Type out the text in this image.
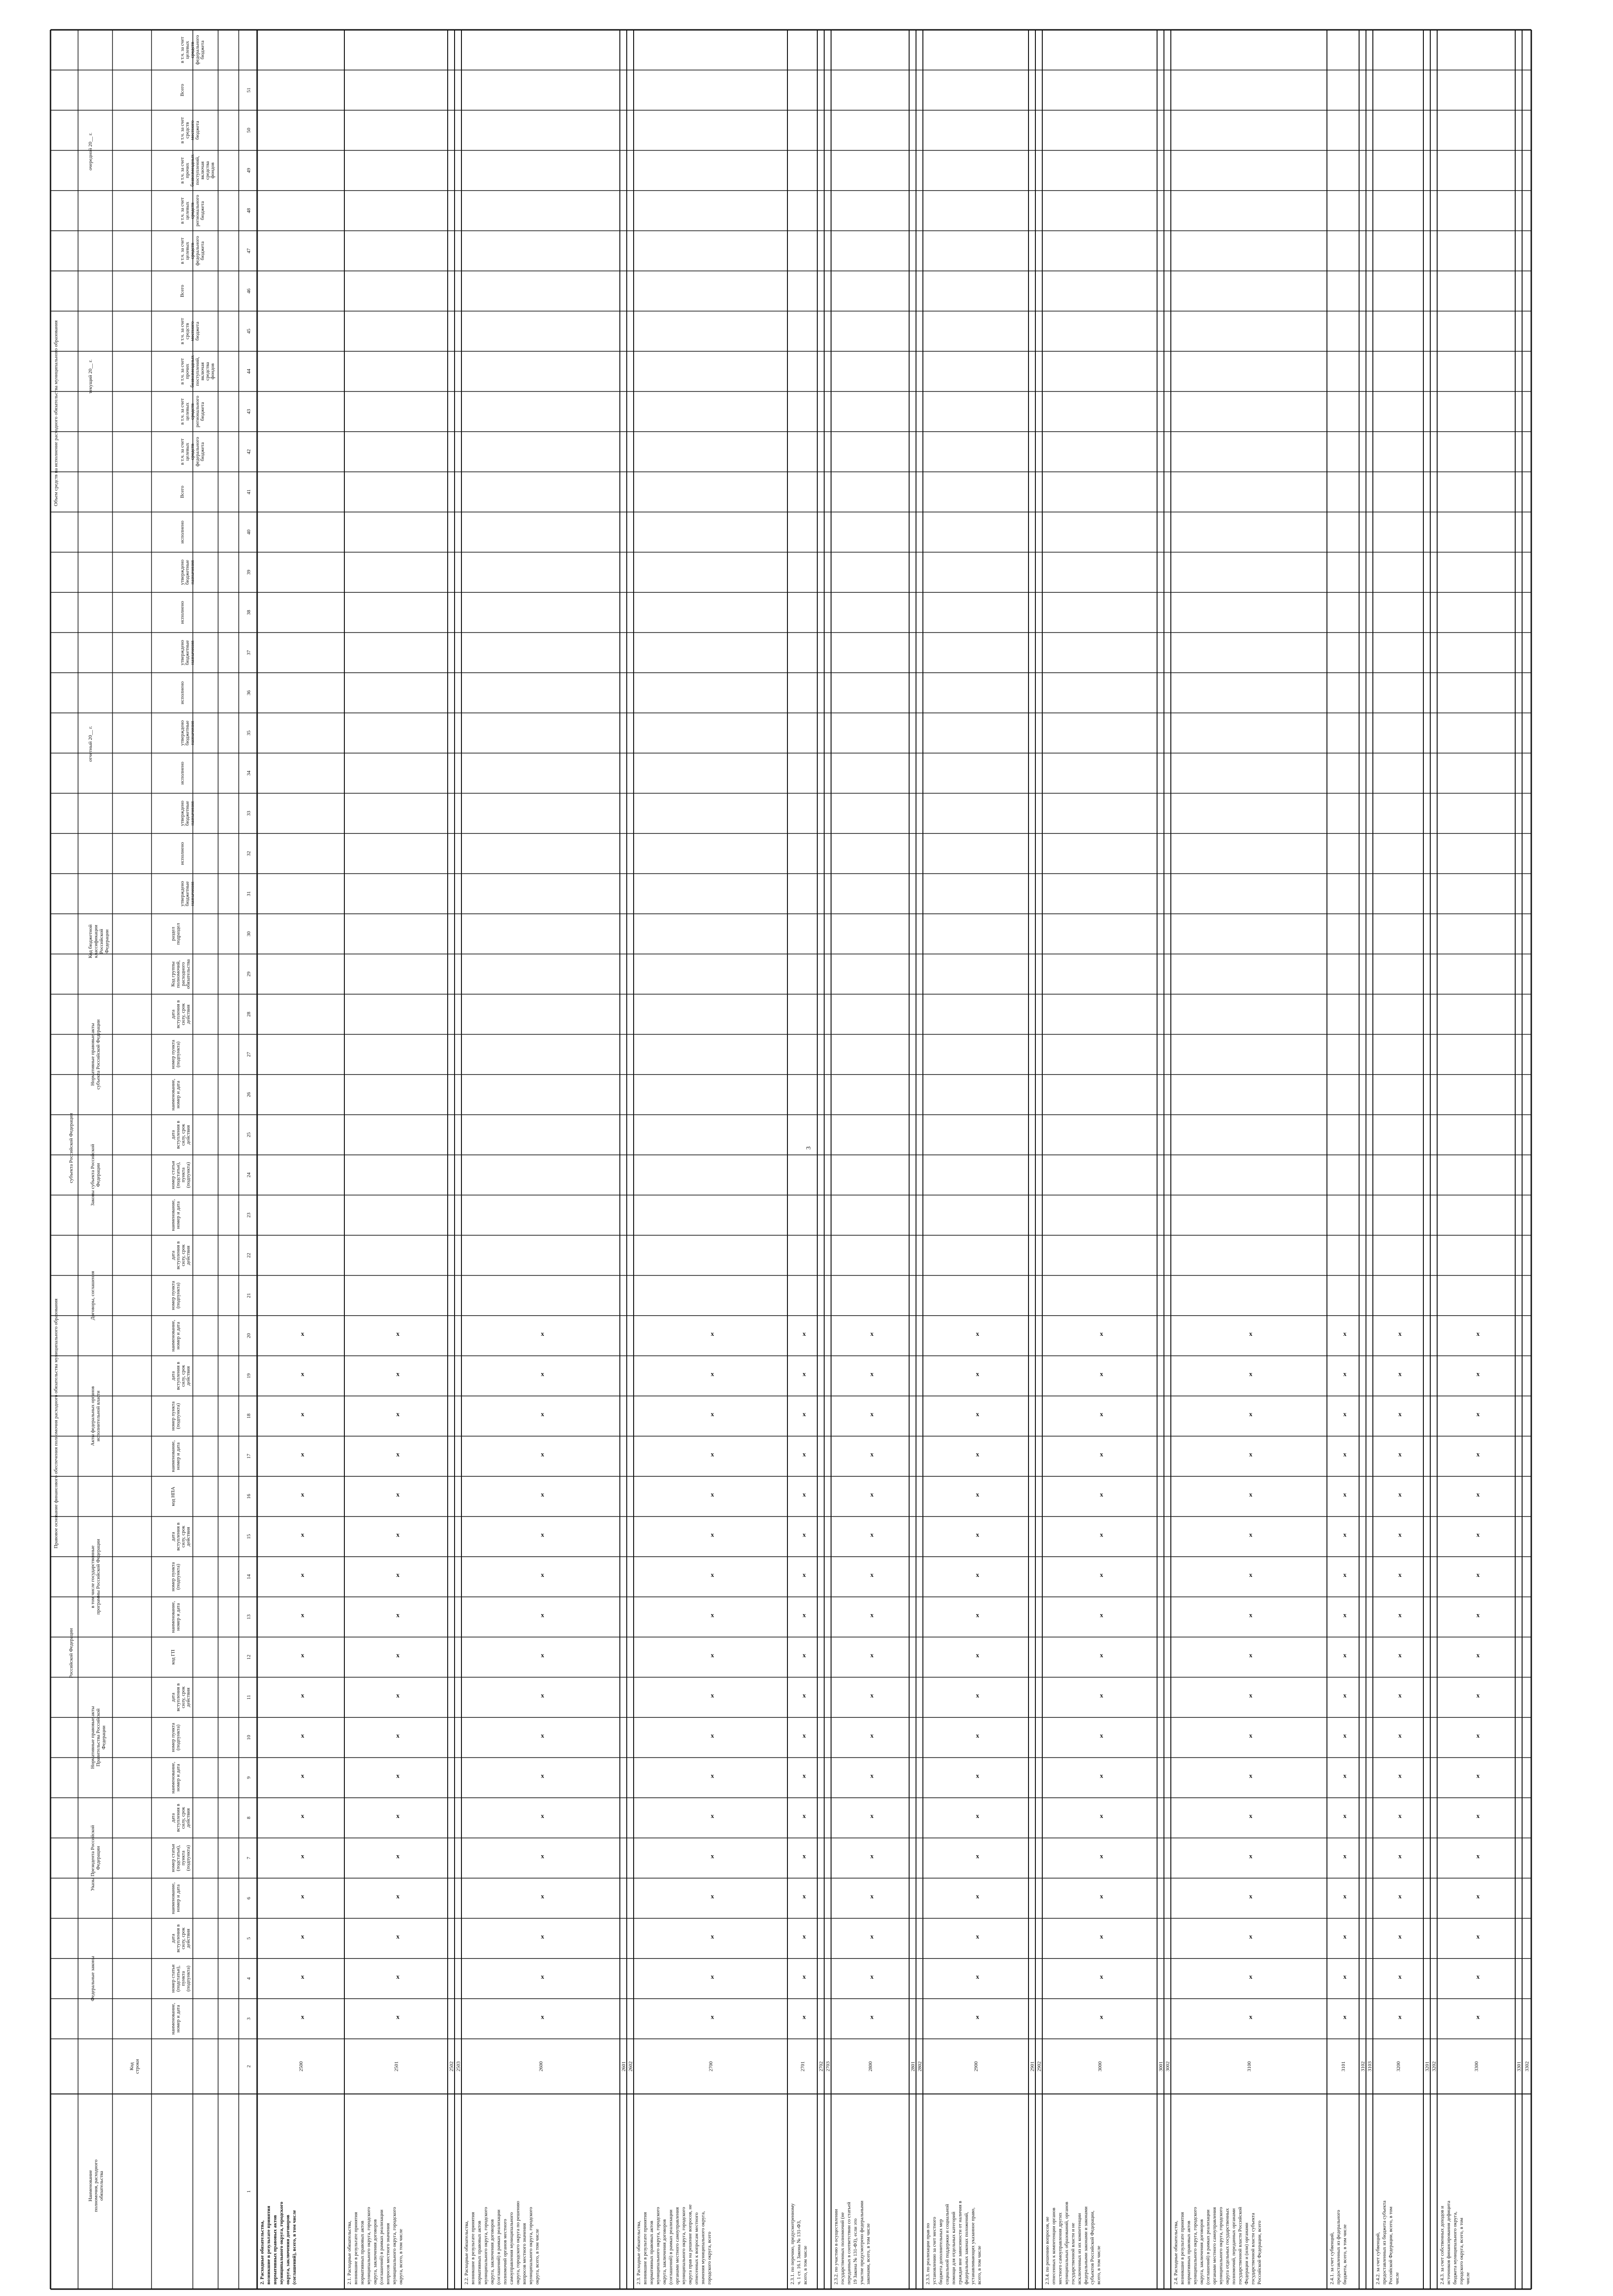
3
Наименованиеполномочия, расходногообязательства
Кодстроки
Правовое основание финансового обеспечения полномочия расходного обязательства муниципального образования
Российской Федерации
субъекта Российской Федерации
Объем средств на исполнение расходного обязательства муниципального образования
Код бюджетнойклассификацииРоссийскойФедерации
отчетный 20__ г.
текущий 20__ г.
очередной 20__ г.
Федеральные законы
наименование,номер и дата
номер статьи(подстатьи),пункта(подпункта)
датавступления всилу, срокдействия
Указы Президента РоссийскойФедерации
наименование,номер и дата
номер статьи(подстатьи),пункта(подпункта)
датавступления всилу, срокдействия
Нормативные правовые актыПравительства РоссийскойФедерации
наименование,номер и дата
номер пункта(подпункта)
датавступления всилу, срокдействия
в том числе государственныепрограммы Российской Федерации
код ГП
наименование,номер и дата
номер пункта(подпункта)
датавступления всилу, срокдействия
код НПА
Акты федеральных органовисполнительной власти
наименование,номер и дата
номер пункта(подпункта)
датавступления всилу, срокдействия
Договоры, соглашения
наименование,номер и дата
номер пункта(подпункта)
датавступления всилу, срокдействия
Законы субъекта РоссийскойФедерации
наименование,номер и дата
номер статьи(подстатьи),пункта(подпункта)
датавступления всилу, срокдействия
Нормативные правовые актысубъекта Российской Федерации
наименование,номер и дата
номер пункта(подпункта)
датавступления всилу, срокдействия
Код группыполномочий,расходногообязательства
разделподраздел
утвержденобюджетныеназначения
исполнено
утвержденобюджетныеназначения
исполнено
утвержденобюджетныеназначения
исполнено
утвержденобюджетныеназначения
исполнено
утвержденобюджетныеназначения
исполнено
Всего
в т.ч. за счетцелевыхсредствфедеральногобюджета
в т.ч. за счетцелевыхсредстврегиональногобюджета
в т.ч. за счетпрочихбезвозмездныхпоступлений,включаясредствафондов
в т.ч. за счетсредствместногобюджета
Всего
в т.ч. за счетцелевыхсредствфедеральногобюджета
в т.ч. за счетцелевыхсредстврегиональногобюджета
в т.ч. за счетпрочихбезвозмездныхпоступлений,включаясредствафондов
в т.ч. за счетсредствместногобюджета
Всего
в т.ч. за счетцелевыхсредствфедеральногобюджета
1
2
3
4
5
6
7
8
9
10
11
12
13
14
15
16
17
18
19
20
21
22
23
24
25
26
27
28
29
30
31
32
33
34
35
36
37
38
39
40
41
42
43
44
45
46
47
48
49
50
51
2. Расходные обязательства, возникшие в результате принятия нормативных правовых актов муниципального округа, городского округа, заключения договоров (соглашений), всего, в том числе
2500
x
x
x
x
x
x
x
x
x
x
x
x
x
x
x
x
x
x
2.1. Расходные обязательства, возникшие в результате принятия нормативных правовых актов муниципального округа, городского округа, заключения договоров (соглашений) в рамках реализации вопросов местного значения муниципального округа, городского округа, всего, в том числе
2501
x
x
x
x
x
x
x
x
x
x
x
x
x
x
x
x
x
x
2502 2503
2.2. Расходные обязательства, возникшие в результате принятия нормативных правовых актов муниципального округа, городского округа, заключения договоров (соглашений) в рамках реализации полномочий органов местного самоуправления муниципального округа, городского округа по решению вопросов местного значения муниципального округа, городского округа, всего, в том числе
2600
x
x
x
x
x
x
x
x
x
x
x
x
x
x
x
x
x
x
2601 2602
2.3. Расходные обязательства, возникшие в результате принятия нормативных правовых актов муниципального округа, городского округа, заключения договоров (соглашений) в рамках реализации органами местного самоуправления муниципального округа, городского округа прав на решение вопросов, не отнесенных к вопросам местного значения муниципального округа, городского округа, всего
2700
x
x
x
x
x
x
x
x
x
x
x
x
x
x
x
x
x
x
2.3.1. по перечню, предусмотренному ч. 1 ст. 16.1 Закона № 131-ФЗ, всего, в том числе
2701
x
x
x
x
x
x
x
x
x
x
x
x
x
x
x
x
x
x
2702 2703
2.3.2. по участию в осуществлении государственных полномочий (не переданных в соответствии со статьей 19 Закона № 131-ФЗ), если это участие предусмотрено федеральными законами, всего, в том числе
2800
x
x
x
x
x
x
x
x
x
x
x
x
x
x
x
x
x
x
2801 2802
2.3.3. по реализации прав по установлению за счет местного бюджета дополнительных мер социальной поддержки и социальной помощи для отдельных категорий граждан вне зависимости от наличия в федеральных законах положений, устанавливающих указанное право, всего, в том числе
2900
x
x
x
x
x
x
x
x
x
x
x
x
x
x
x
x
x
x
2901 2902
2.3.4. по решению вопросов, не отнесенных к компетенции органов местного самоуправления других муниципальных образований, органов государственной власти и не исключенных из их компетенции федеральными законами и законами субъектов Российской Федерации, всего, в том числе
3000
x
x
x
x
x
x
x
x
x
x
x
x
x
x
x
x
x
x
3001 3002
2.4. Расходные обязательства, возникшие в результате принятия нормативных правовых актов муниципального округа, городского округа, заключения договоров (соглашений) в рамках реализации органами местного самоуправления муниципального округа, городского округа отдельных государственных полномочий, переданных органами государственной власти Российской Федерации и (или) органами государственной власти субъекта Российской Федерации, всего
3100
x
x
x
x
x
x
x
x
x
x
x
x
x
x
x
x
x
x
2.4.1. за счет субвенций, предоставленных из федерального бюджета, всего, в том числе
3101
x
x
x
x
x
x
x
x
x
x
x
x
x
x
x
x
x
x
3102 3103
2.4.2. за счет субвенций, предоставленных из бюджета субъекта Российской Федерации, всего, в том числе
3200
x
x
x
x
x
x
x
x
x
x
x
x
x
x
x
x
x
x
3201 3202
2.4.3. за счет собственных доходов и источников финансирования дефицита бюджета муниципального округа, городского округа, всего, в том числе
3300
x
x
x
x
x
x
x
x
x
x
x
x
x
x
x
x
x
x
3301 3302
